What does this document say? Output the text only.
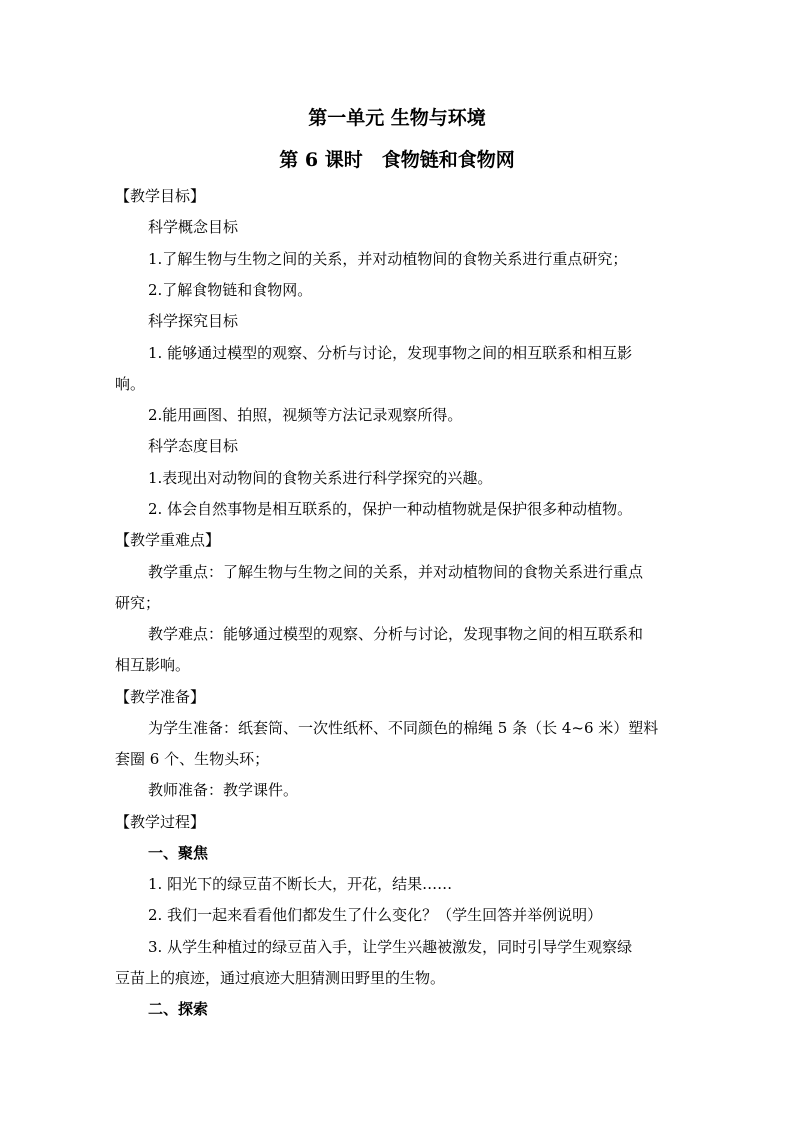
第一单元 生物与环境
第 6 课时　食物链和食物网
【教学目标】
科学概念目标
1.了解生物与生物之间的关系，并对动植物间的食物关系进行重点研究；
2.了解食物链和食物网。
科学探究目标
1. 能够通过模型的观察、分析与讨论，发现事物之间的相互联系和相互影
响。
2.能用画图、拍照，视频等方法记录观察所得。
科学态度目标
1.表现出对动物间的食物关系进行科学探究的兴趣。
2. 体会自然事物是相互联系的，保护一种动植物就是保护很多种动植物。
【教学重难点】
教学重点：了解生物与生物之间的关系，并对动植物间的食物关系进行重点
研究；
教学难点：能够通过模型的观察、分析与讨论，发现事物之间的相互联系和
相互影响。
【教学准备】
为学生准备：纸套筒、一次性纸杯、不同颜色的棉绳 5 条（长 4~6 米）塑料
套圈 6 个、生物头环；
教师准备：教学课件。
【教学过程】
一、聚焦
1. 阳光下的绿豆苗不断长大，开花，结果……
2. 我们一起来看看他们都发生了什么变化？（学生回答并举例说明）
3. 从学生种植过的绿豆苗入手，让学生兴趣被激发，同时引导学生观察绿
豆苗上的痕迹，通过痕迹大胆猜测田野里的生物。
二、探索
